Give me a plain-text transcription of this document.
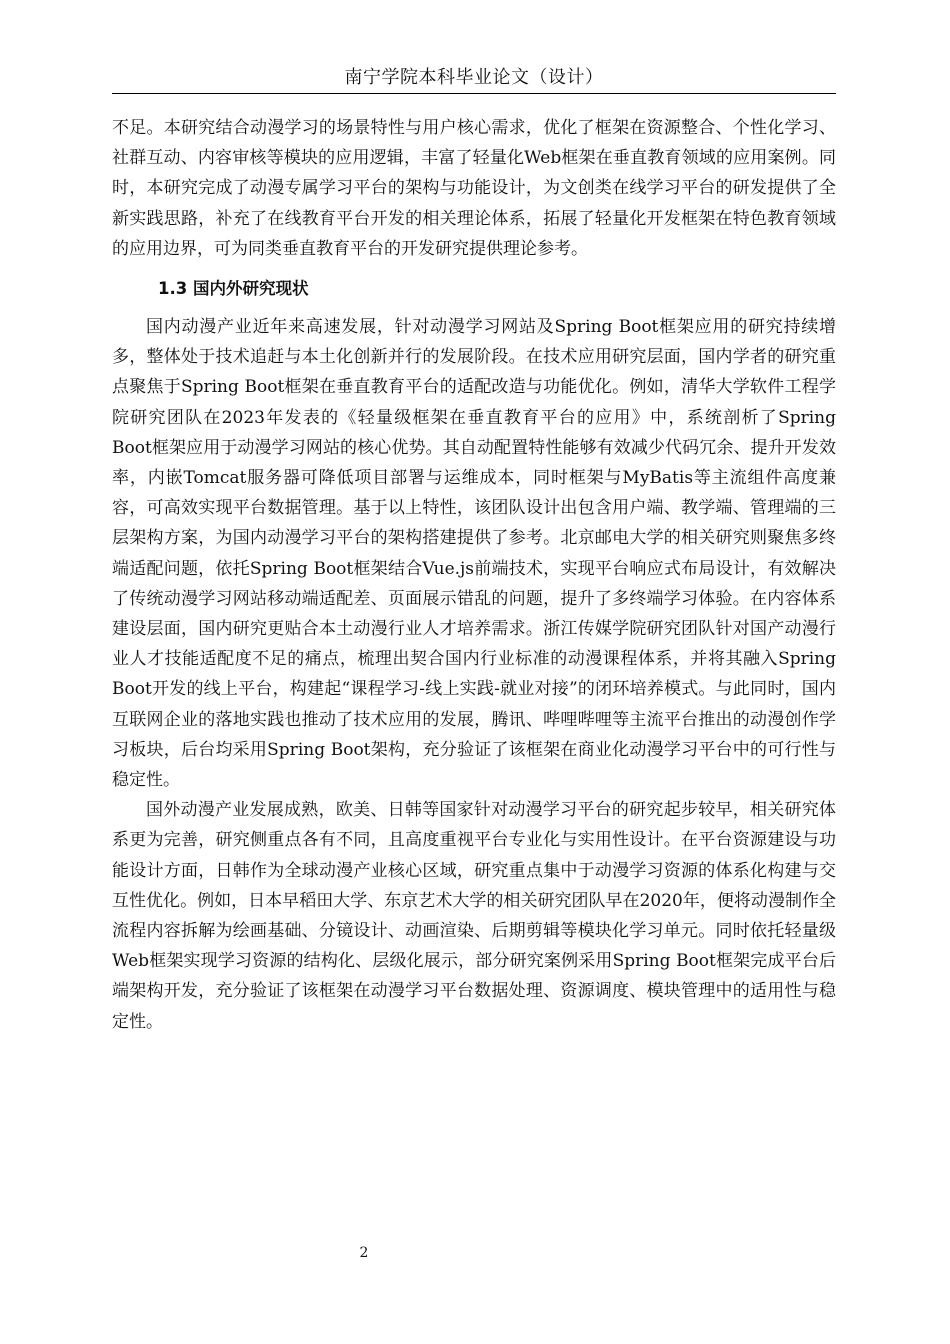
南宁学院本科毕业论文（设计）

不足。本研究结合动漫学习的场景特性与用户核心需求，优化了框架在资源整合、个性化学习、社群互动、内容审核等模块的应用逻辑，丰富了轻量化Web框架在垂直教育领域的应用案例。同时，本研究完成了动漫专属学习平台的架构与功能设计，为文创类在线学习平台的研发提供了全新实践思路，补充了在线教育平台开发的相关理论体系，拓展了轻量化开发框架在特色教育领域的应用边界，可为同类垂直教育平台的开发研究提供理论参考。

1.3 国内外研究现状

国内动漫产业近年来高速发展，针对动漫学习网站及Spring Boot框架应用的研究持续增多，整体处于技术追赶与本土化创新并行的发展阶段。在技术应用研究层面，国内学者的研究重点聚焦于Spring Boot框架在垂直教育平台的适配改造与功能优化。例如，清华大学软件工程学院研究团队在2023年发表的《轻量级框架在垂直教育平台的应用》中，系统剖析了Spring Boot框架应用于动漫学习网站的核心优势。其自动配置特性能够有效减少代码冗余、提升开发效率，内嵌Tomcat服务器可降低项目部署与运维成本，同时框架与MyBatis等主流组件高度兼容，可高效实现平台数据管理。基于以上特性，该团队设计出包含用户端、教学端、管理端的三层架构方案，为国内动漫学习平台的架构搭建提供了参考。北京邮电大学的相关研究则聚焦多终端适配问题，依托Spring Boot框架结合Vue.js前端技术，实现平台响应式布局设计，有效解决了传统动漫学习网站移动端适配差、页面展示错乱的问题，提升了多终端学习体验。在内容体系建设层面，国内研究更贴合本土动漫行业人才培养需求。浙江传媒学院研究团队针对国产动漫行业人才技能适配度不足的痛点，梳理出契合国内行业标准的动漫课程体系，并将其融入Spring Boot开发的线上平台，构建起“课程学习-线上实践-就业对接”的闭环培养模式。与此同时，国内互联网企业的落地实践也推动了技术应用的发展，腾讯、哔哩哔哩等主流平台推出的动漫创作学习板块，后台均采用Spring Boot架构，充分验证了该框架在商业化动漫学习平台中的可行性与稳定性。

国外动漫产业发展成熟，欧美、日韩等国家针对动漫学习平台的研究起步较早，相关研究体系更为完善，研究侧重点各有不同，且高度重视平台专业化与实用性设计。在平台资源建设与功能设计方面，日韩作为全球动漫产业核心区域，研究重点集中于动漫学习资源的体系化构建与交互性优化。例如，日本早稻田大学、东京艺术大学的相关研究团队早在2020年，便将动漫制作全流程内容拆解为绘画基础、分镜设计、动画渲染、后期剪辑等模块化学习单元。同时依托轻量级Web框架实现学习资源的结构化、层级化展示，部分研究案例采用Spring Boot框架完成平台后端架构开发，充分验证了该框架在动漫学习平台数据处理、资源调度、模块管理中的适用性与稳定性。

2
